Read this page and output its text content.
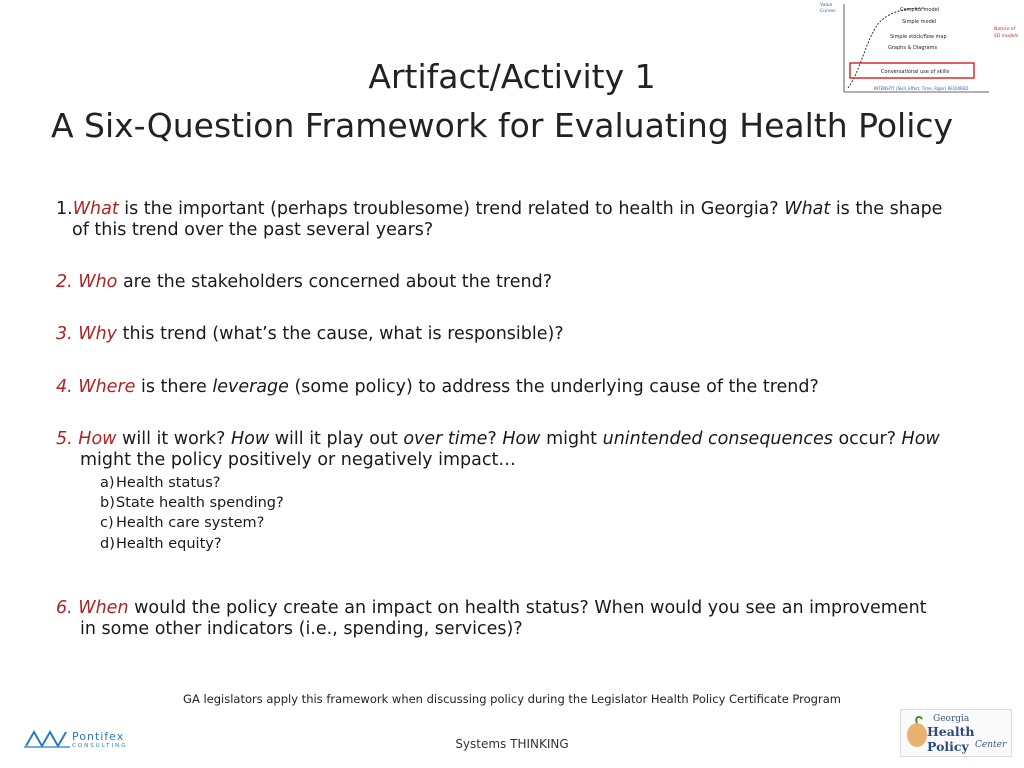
Artifact/Activity 1
A Six-Question Framework for Evaluating Health Policy
Value
Curves	Complex model
Simple model
Simple stock/flow map
Graphs & Diagrams
Conversational use of skills
INTENSITY (Skill, Effort, Time, Rigor) REQUIRED
Nature of
SD models
1.What is the important (perhaps troublesome) trend related to health in Georgia? What is the shape
of this trend over the past several years?
2. Who are the stakeholders concerned about the trend?
3. Why this trend (what’s the cause, what is responsible)?
4. Where is there leverage (some policy) to address the underlying cause of the trend?
5. How will it work? How will it play out over time? How might unintended consequences occur? How
might the policy positively or negatively impact…
a) Health status?
b) State health spending?
c) Health care system?
d) Health equity?
6. When would the policy create an impact on health status? When would you see an improvement
in some other indicators (i.e., spending, services)?
GA legislators apply this framework when discussing policy during the Legislator Health Policy Certificate Program
Pontifex
CONSULTING	Systems THINKING
Georgia
Health Policy Center
